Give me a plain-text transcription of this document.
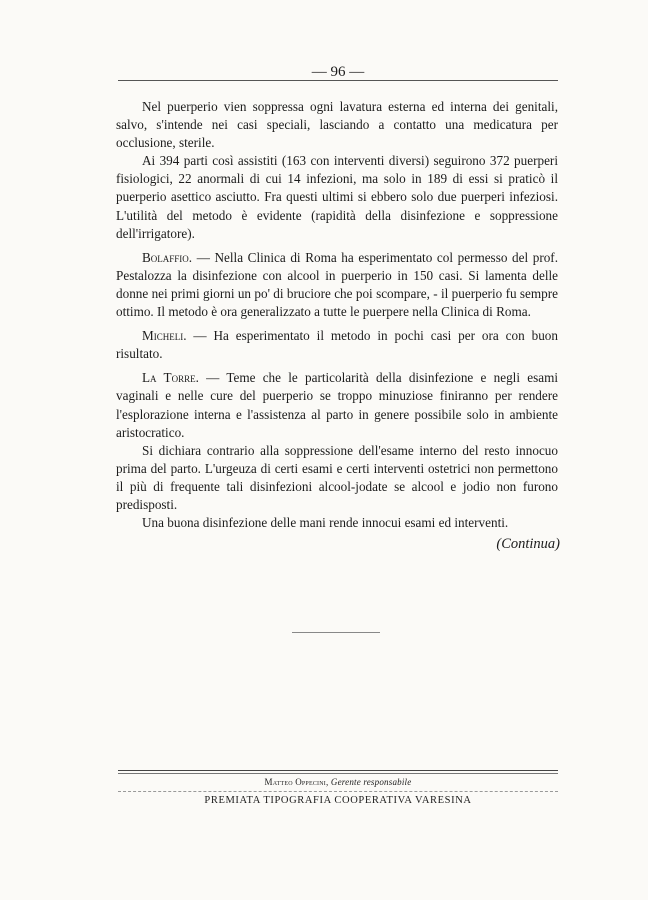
— 96 —

Nel puerperio vien soppressa ogni lavatura esterna ed interna dei genitali, salvo, s'intende nei casi speciali, lasciando a contatto una medicatura per occlusione, sterile.

Ai 394 parti così assistiti (163 con interventi diversi) seguirono 372 puerperi fisiologici, 22 anormali di cui 14 infezioni, ma solo in 189 di essi si praticò il puerperio asettico asciutto. Fra questi ultimi si ebbero solo due puerperi infeziosi. L'utilità del metodo è evidente (rapidità della disinfezione e soppressione dell'irrigatore).

Bolaffio. — Nella Clinica di Roma ha esperimentato col permesso del prof. Pestalozza la disinfezione con alcool in puerperio in 150 casi. Si lamenta delle donne nei primi giorni un po' di bruciore che poi scompare, - il puerperio fu sempre ottimo. Il metodo è ora generalizzato a tutte le puerpere nella Clinica di Roma.

Micheli. — Ha esperimentato il metodo in pochi casi per ora con buon risultato.

La Torre. — Teme che le particolarità della disinfezione e negli esami vaginali e nelle cure del puerperio se troppo minuziose finiranno per rendere l'esplorazione interna e l'assistenza al parto in genere possibile solo in ambiente aristocratico.

Si dichiara contrario alla soppressione dell'esame interno del resto innocuo prima del parto. L'urgeuza di certi esami e certi interventi ostetrici non permettono il più di frequente tali disinfezioni alcool-jodate se alcool e jodio non furono predisposti.

Una buona disinfezione delle mani rende innocui esami ed interventi.

(Continua)
Matteo Oppecini, Gerente responsabile
PREMIATA TIPOGRAFIA COOPERATIVA VARESINA
